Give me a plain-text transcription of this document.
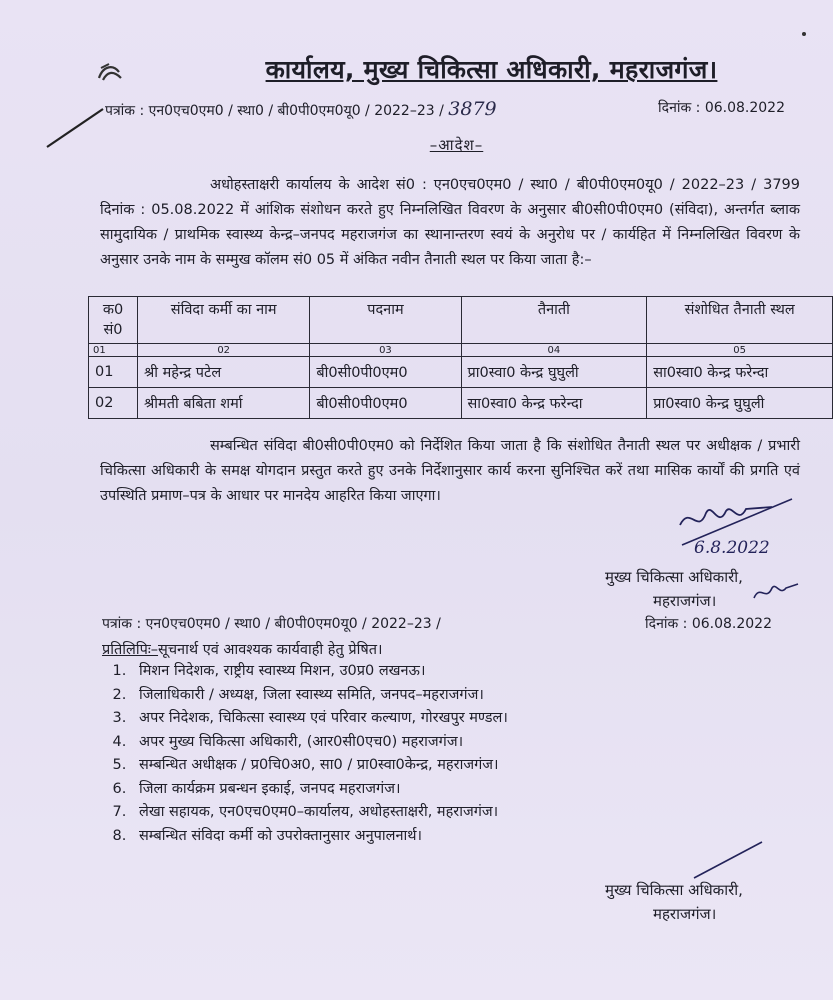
कार्यालय, मुख्य चिकित्सा अधिकारी, महराजगंज।
पत्रांक : एन0एच0एम0 / स्था0 / बी0पी0एम0यू0 / 2022–23 / 3879	दिनांक : 06.08.2022
–आदेश–
अधोहस्ताक्षरी कार्यालय के आदेश सं0 : एन0एच0एम0 / स्था0 / बी0पी0एम0यू0 / 2022–23 / 3799 दिनांक : 05.08.2022 में आंशिक संशोधन करते हुए निम्नलिखित विवरण के अनुसार बी0सी0पी0एम0 (संविदा), अन्तर्गत ब्लाक सामुदायिक / प्राथमिक स्वास्थ्य केन्द्र–जनपद महराजगंज का स्थानान्तरण स्वयं के अनुरोध पर / कार्यहित में निम्नलिखित विवरण के अनुसार उनके नाम के सम्मुख कॉलम सं0 05 में अंकित नवीन तैनाती स्थल पर किया जाता है:–
क0 सं0	संविदा कर्मी का नाम	पदनाम	तैनाती	संशोधित तैनाती स्थल
01	02	03	04	05
01	श्री महेन्द्र पटेल	बी0सी0पी0एम0	प्रा0स्वा0 केन्द्र घुघुली	सा0स्वा0 केन्द्र फरेन्दा
02	श्रीमती बबिता शर्मा	बी0सी0पी0एम0	सा0स्वा0 केन्द्र फरेन्दा	प्रा0स्वा0 केन्द्र घुघुली
सम्बन्धित संविदा बी0सी0पी0एम0 को निर्देशित किया जाता है कि संशोधित तैनाती स्थल पर अधीक्षक / प्रभारी चिकित्सा अधिकारी के समक्ष योगदान प्रस्तुत करते हुए उनके निर्देशानुसार कार्य करना सुनिश्चित करें तथा मासिक कार्यों की प्रगति एवं उपस्थिति प्रमाण–पत्र के आधार पर मानदेय आहरित किया जाएगा।
6.8.2022
मुख्य चिकित्सा अधिकारी,
महराजगंज।
पत्रांक : एन0एच0एम0 / स्था0 / बी0पी0एम0यू0 / 2022–23 /	दिनांक : 06.08.2022
प्रतिलिपिः–सूचनार्थ एवं आवश्यक कार्यवाही हेतु प्रेषित।
1. मिशन निदेशक, राष्ट्रीय स्वास्थ्य मिशन, उ0प्र0 लखनऊ।
2. जिलाधिकारी / अध्यक्ष, जिला स्वास्थ्य समिति, जनपद–महराजगंज।
3. अपर निदेशक, चिकित्सा स्वास्थ्य एवं परिवार कल्याण, गोरखपुर मण्डल।
4. अपर मुख्य चिकित्सा अधिकारी, (आर0सी0एच0) महराजगंज।
5. सम्बन्धित अधीक्षक / प्र0चि0अ0, सा0 / प्रा0स्वा0केन्द्र, महराजगंज।
6. जिला कार्यक्रम प्रबन्धन इकाई, जनपद महराजगंज।
7. लेखा सहायक, एन0एच0एम0–कार्यालय, अधोहस्ताक्षरी, महराजगंज।
8. सम्बन्धित संविदा कर्मी को उपरोक्तानुसार अनुपालनार्थ।
मुख्य चिकित्सा अधिकारी,
महराजगंज।
